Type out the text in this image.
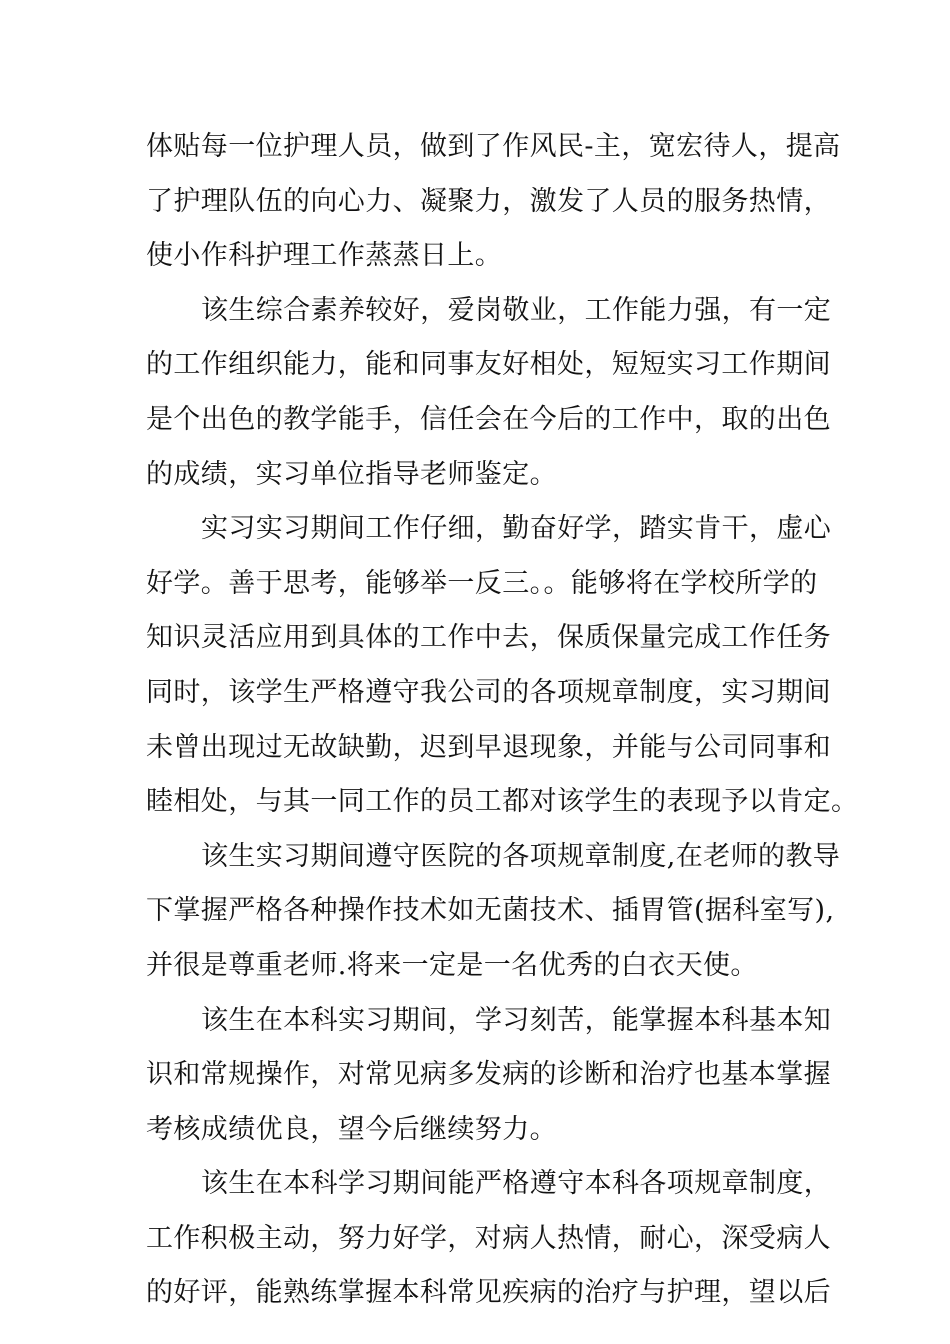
体贴每一位护理人员，做到了作风民-主，宽宏待人，提高
了护理队伍的向心力、凝聚力，激发了人员的服务热情，
使小作科护理工作蒸蒸日上。
该生综合素养较好，爱岗敬业，工作能力强，有一定
的工作组织能力，能和同事友好相处，短短实习工作期间
是个出色的教学能手，信任会在今后的工作中，取的出色
的成绩，实习单位指导老师鉴定。
实习实习期间工作仔细，勤奋好学，踏实肯干，虚心
好学。善于思考，能够举一反三。。能够将在学校所学的
知识灵活应用到具体的工作中去，保质保量完成工作任务
同时，该学生严格遵守我公司的各项规章制度，实习期间
未曾出现过无故缺勤，迟到早退现象，并能与公司同事和
睦相处，与其一同工作的员工都对该学生的表现予以肯定。
该生实习期间遵守医院的各项规章制度,在老师的教导
下掌握严格各种操作技术如无菌技术、插胃管(据科室写),
并很是尊重老师.将来一定是一名优秀的白衣天使。
该生在本科实习期间，学习刻苦，能掌握本科基本知
识和常规操作，对常见病多发病的诊断和治疗也基本掌握
考核成绩优良，望今后继续努力。
该生在本科学习期间能严格遵守本科各项规章制度，
工作积极主动，努力好学，对病人热情，耐心，深受病人
的好评，能熟练掌握本科常见疾病的治疗与护理，望以后
